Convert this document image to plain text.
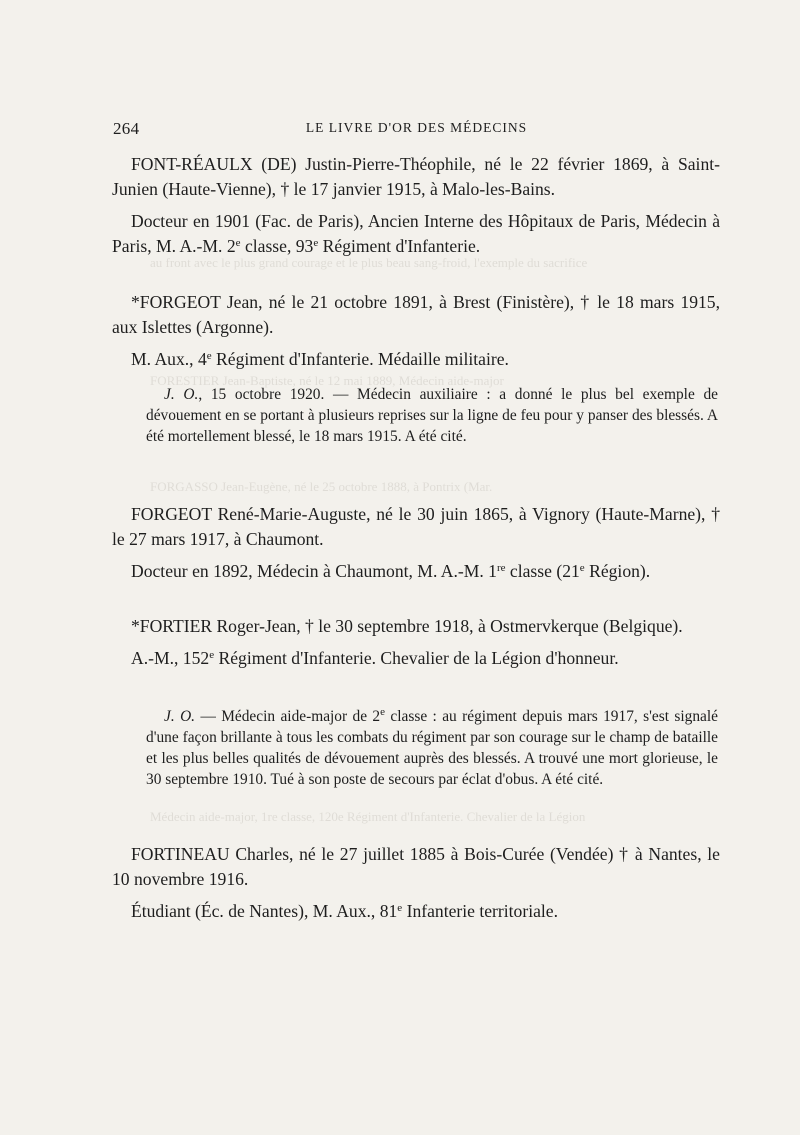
au front avec le plus grand courage et le plus beau sang-froid, l'exemple du sacrifice
FORESTIER Jean-Baptiste, né le 12 mai 1889, Médecin aide-major
FORGASSO Jean-Eugène, né le 25 octobre 1888, à Pontrix (Mar.
Médecin aide-major, 1re classe, 120e Régiment d'Infanterie. Chevalier de la Légion
264	LE LIVRE D'OR DES MÉDECINS

FONT-RÉAULX (DE) Justin-Pierre-Théophile, né le 22 février 1869, à Saint-Junien (Haute-Vienne), † le 17 janvier 1915, à Malo-les-Bains.

Docteur en 1901 (Fac. de Paris), Ancien Interne des Hôpitaux de Paris, Médecin à Paris, M. A.-M. 2e classe, 93e Régiment d'Infanterie.

*FORGEOT Jean, né le 21 octobre 1891, à Brest (Finistère), † le 18 mars 1915, aux Islettes (Argonne).

M. Aux., 4e Régiment d'Infanterie. Médaille militaire.

J. O., 15 octobre 1920. — Médecin auxiliaire : a donné le plus bel exemple de dévouement en se portant à plusieurs reprises sur la ligne de feu pour y panser des blessés. A été mortellement blessé, le 18 mars 1915. A été cité.

FORGEOT René-Marie-Auguste, né le 30 juin 1865, à Vignory (Haute-Marne), † le 27 mars 1917, à Chaumont.

Docteur en 1892, Médecin à Chaumont, M. A.-M. 1re classe (21e Région).

*FORTIER Roger-Jean, † le 30 septembre 1918, à Ostmervkerque (Belgique).

A.-M., 152e Régiment d'Infanterie. Chevalier de la Légion d'honneur.

J. O. — Médecin aide-major de 2e classe : au régiment depuis mars 1917, s'est signalé d'une façon brillante à tous les combats du régiment par son courage sur le champ de bataille et les plus belles qualités de dévouement auprès des blessés. A trouvé une mort glorieuse, le 30 septembre 1910. Tué à son poste de secours par éclat d'obus. A été cité.

FORTINEAU Charles, né le 27 juillet 1885 à Bois-Curée (Vendée) † à Nantes, le 10 novembre 1916.

Étudiant (Éc. de Nantes), M. Aux., 81e Infanterie territoriale.
